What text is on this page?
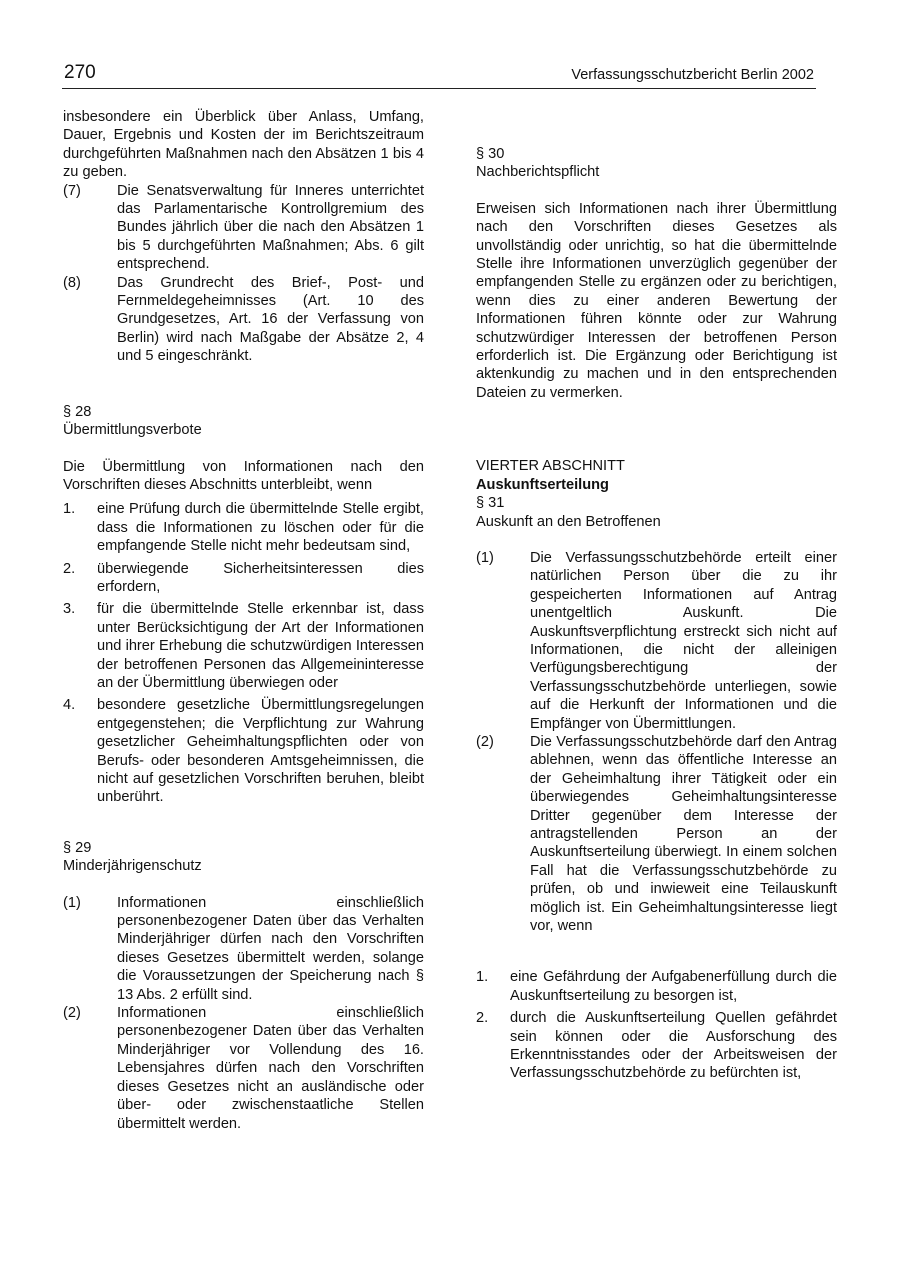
270	Verfassungsschutzbericht Berlin 2002

insbesondere ein Überblick über Anlass, Umfang, Dauer, Ergebnis und Kosten der im Berichtszeitraum durchgeführten Maßnahmen nach den Absätzen 1 bis 4 zu geben.

(7)	Die Senatsverwaltung für Inneres unterrichtet das Parlamentarische Kontrollgremium des Bundes jährlich über die nach den Absätzen 1 bis 5 durchgeführten Maßnahmen; Abs. 6 gilt entsprechend.
(8)	Das Grundrecht des Brief-, Post- und Fernmeldegeheimnisses (Art. 10 des Grundgesetzes, Art. 16 der Verfassung von Berlin) wird nach Maßgabe der Absätze 2, 4 und 5 eingeschränkt.

§ 28

Übermittlungsverbote

Die Übermittlung von Informationen nach den Vorschriften dieses Abschnitts unterbleibt, wenn

1.	eine Prüfung durch die übermittelnde Stelle ergibt, dass die Informationen zu löschen oder für die empfangende Stelle nicht mehr bedeutsam sind,
2.	überwiegende Sicherheitsinteressen dies erfordern,
3.	für die übermittelnde Stelle erkennbar ist, dass unter Berücksichtigung der Art der Informationen und ihrer Erhebung die schutzwürdigen Interessen der betroffenen Personen das Allgemeininteresse an der Übermittlung überwiegen oder
4.	besondere gesetzliche Übermittlungsregelungen entgegenstehen; die Verpflichtung zur Wahrung gesetzlicher Geheimhaltungspflichten oder von Berufs- oder besonderen Amtsgeheimnissen, die nicht auf gesetzlichen Vorschriften beruhen, bleibt unberührt.

§ 29

Minderjährigenschutz

(1)	Informationen einschließlich personenbezogener Daten über das Verhalten Minderjähriger dürfen nach den Vorschriften dieses Gesetzes übermittelt werden, solange die Voraussetzungen der Speicherung nach § 13 Abs. 2 erfüllt sind.
(2)	Informationen einschließlich personenbezogener Daten über das Verhalten Minderjähriger vor Vollendung des 16. Lebensjahres dürfen nach den Vorschriften dieses Gesetzes nicht an ausländische oder über- oder zwischenstaatliche Stellen übermittelt werden.

§ 30

Nachberichtspflicht

Erweisen sich Informationen nach ihrer Übermittlung nach den Vorschriften dieses Gesetzes als unvollständig oder unrichtig, so hat die übermittelnde Stelle ihre Informationen unverzüglich gegenüber der empfangenden Stelle zu ergänzen oder zu berichtigen, wenn dies zu einer anderen Bewertung der Informationen führen könnte oder zur Wahrung schutzwürdiger Interessen der betroffenen Person erforderlich ist. Die Ergänzung oder Berichtigung ist aktenkundig zu machen und in den entsprechenden Dateien zu vermerken.

VIERTER ABSCHNITT

Auskunftserteilung

§ 31

Auskunft an den Betroffenen

(1)	Die Verfassungsschutzbehörde erteilt einer natürlichen Person über die zu ihr gespeicherten Informationen auf Antrag unentgeltlich Auskunft. Die Auskunftsverpflichtung erstreckt sich nicht auf Informationen, die nicht der alleinigen Verfügungsberechtigung der Verfassungsschutzbehörde unterliegen, sowie auf die Herkunft der Informationen und die Empfänger von Übermittlungen.
(2)	Die Verfassungsschutzbehörde darf den Antrag ablehnen, wenn das öffentliche Interesse an der Geheimhaltung ihrer Tätigkeit oder ein überwiegendes Geheimhaltungsinteresse Dritter gegenüber dem Interesse der antragstellenden Person an der Auskunftserteilung überwiegt. In einem solchen Fall hat die Verfassungsschutzbehörde zu prüfen, ob und inwieweit eine Teilauskunft möglich ist. Ein Geheimhaltungsinteresse liegt vor, wenn
1.	eine Gefährdung der Aufgabenerfüllung durch die Auskunftserteilung zu besorgen ist,
2.	durch die Auskunftserteilung Quellen gefährdet sein können oder die Ausforschung des Erkenntnisstandes oder der Arbeitsweisen der Verfassungsschutzbehörde zu befürchten ist,
